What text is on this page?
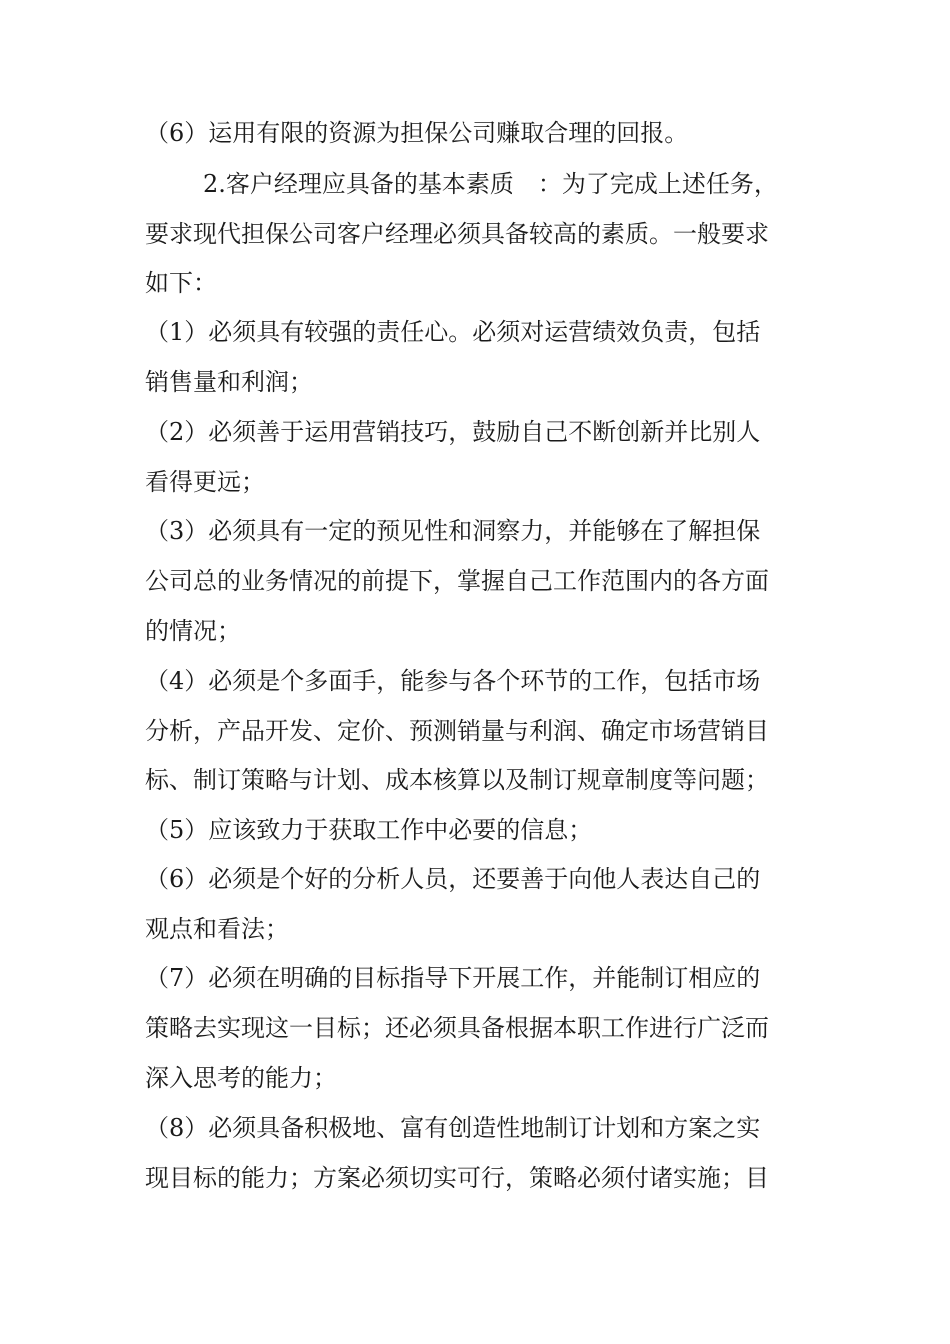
（6）运用有限的资源为担保公司赚取合理的回报。
2.客户经理应具备的基本素质　：为了完成上述任务，
要求现代担保公司客户经理必须具备较高的素质。一般要求
如下：
（1）必须具有较强的责任心。必须对运营绩效负责，包括
销售量和利润；
（2）必须善于运用营销技巧，鼓励自己不断创新并比别人
看得更远；
（3）必须具有一定的预见性和洞察力，并能够在了解担保
公司总的业务情况的前提下，掌握自己工作范围内的各方面
的情况；
（4）必须是个多面手，能参与各个环节的工作，包括市场
分析，产品开发、定价、预测销量与利润、确定市场营销目
标、制订策略与计划、成本核算以及制订规章制度等问题；
（5）应该致力于获取工作中必要的信息；
（6）必须是个好的分析人员，还要善于向他人表达自己的
观点和看法；
（7）必须在明确的目标指导下开展工作，并能制订相应的
策略去实现这一目标；还必须具备根据本职工作进行广泛而
深入思考的能力；
（8）必须具备积极地、富有创造性地制订计划和方案之实
现目标的能力；方案必须切实可行，策略必须付诸实施；目
